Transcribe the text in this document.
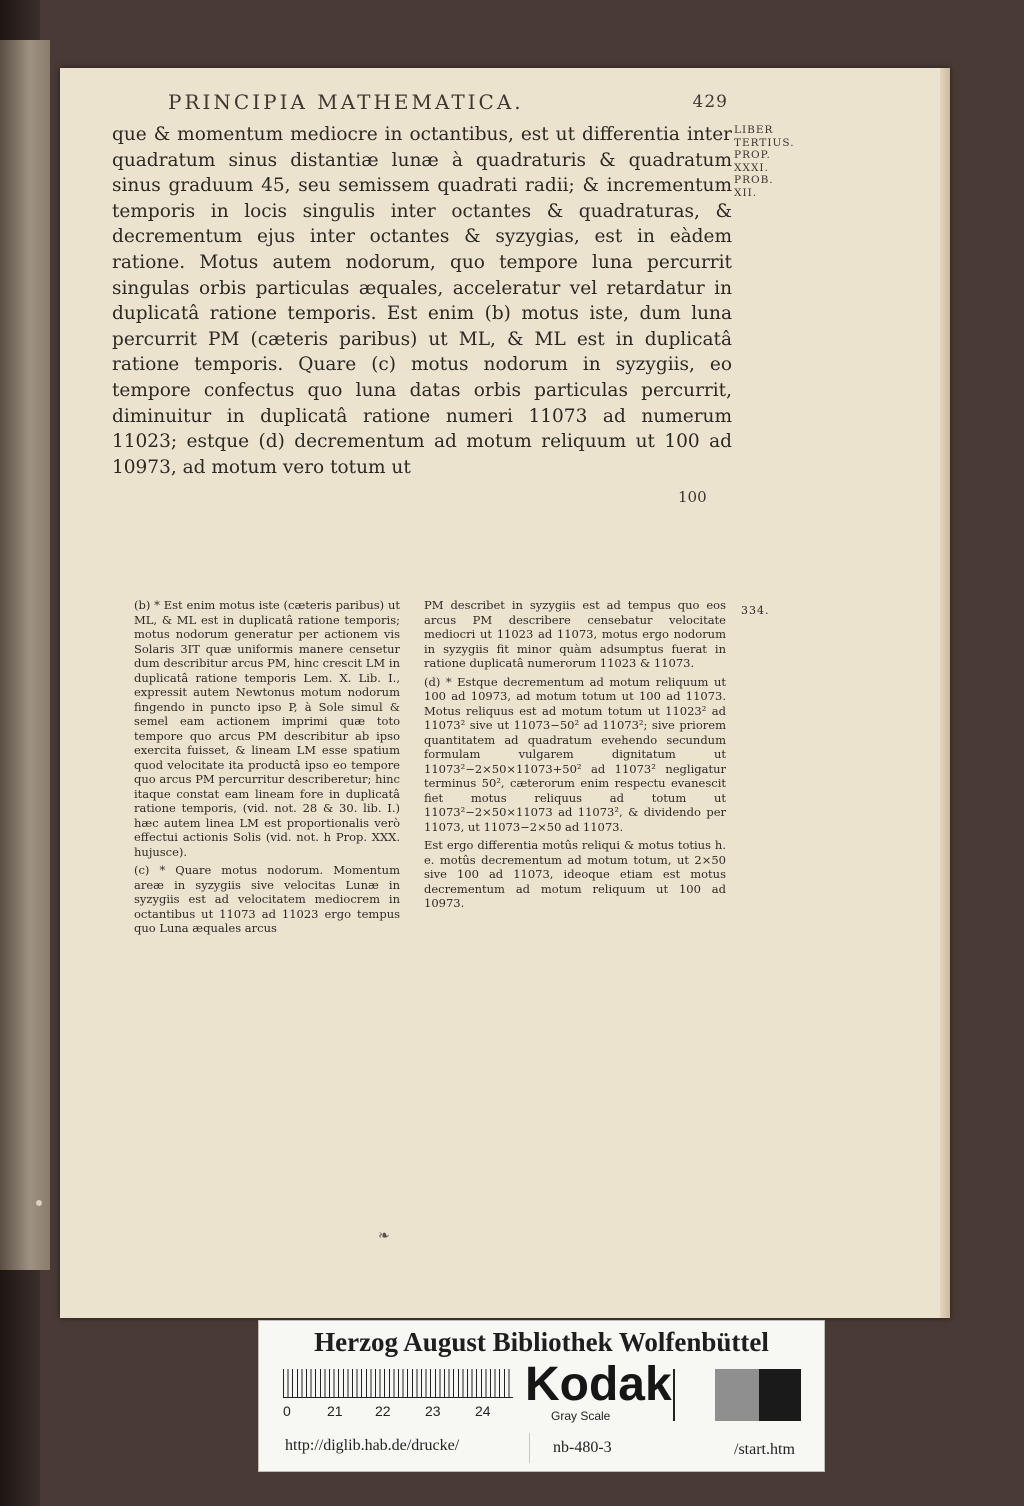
PRINCIPIA MATHEMATICA.	429

que & momentum mediocre in octantibus, est ut differentia inter quadratum sinus distantiæ lunæ à quadraturis & quadratum sinus graduum 45, seu semissem quadrati radii; & incrementum temporis in locis singulis inter octantes & quadraturas, & decrementum ejus inter octantes & syzygias, est in eàdem ratione. Motus autem nodorum, quo tempore luna percurrit singulas orbis particulas æquales, acceleratur vel retardatur in duplicatâ ratione temporis. Est enim (b) motus iste, dum luna percurrit PM (cæteris paribus) ut ML, & ML est in duplicatâ ratione temporis. Quare (c) motus nodorum in syzygiis, eo tempore confectus quo luna datas orbis particulas percurrit, diminuitur in duplicatâ ratione numeri 11073 ad numerum 11023; estque (d) decrementum ad motum reliquum ut 100 ad 10973, ad motum vero totum ut

100
LIBER
TERTIUS.
PROP.
XXXI.
PROB.
XII.

(b) * Est enim motus iste (cæteris paribus) ut ML, & ML est in duplicatâ ratione temporis; motus nodorum generatur per actionem vis Solaris 3IT quæ uniformis manere censetur dum describitur arcus PM, hinc crescit LM in duplicatâ ratione temporis Lem. X. Lib. I., expressit autem Newtonus motum nodorum fingendo in puncto ipso P, à Sole simul & semel eam actionem imprimi quæ toto tempore quo arcus PM describitur ab ipso exercita fuisset, & lineam LM esse spatium quod velocitate ita productâ ipso eo tempore quo arcus PM percurritur describeretur; hinc itaque constat eam lineam fore in duplicatâ ratione temporis, (vid. not. 28 & 30. lib. I.) hæc autem linea LM est proportionalis verò effectui actionis Solis (vid. not. h Prop. XXX. hujusce).

(c) * Quare motus nodorum. Momentum areæ in syzygiis sive velocitas Lunæ in syzygiis est ad velocitatem mediocrem in octantibus ut 11073 ad 11023 ergo tempus quo Luna æquales arcus

PM describet in syzygiis est ad tempus quo eos arcus PM describere censebatur velocitate mediocri ut 11023 ad 11073, motus ergo nodorum in syzygiis fit minor quàm adsumptus fuerat in ratione duplicatâ numerorum 11023 & 11073.

(d) * Estque decrementum ad motum reliquum ut 100 ad 10973, ad motum totum ut 100 ad 11073. Motus reliquus est ad motum totum ut 11023² ad 11073² sive ut 11073−50² ad 11073²; sive priorem quantitatem ad quadratum evehendo secundum formulam vulgarem dignitatum ut 11073²−2×50×11073+50² ad 11073² negligatur terminus 50², cæterorum enim respectu evanescit fiet motus reliquus ad totum ut 11073²−2×50×11073 ad 11073², & dividendo per 11073, ut 11073−2×50 ad 11073.

Est ergo differentia motûs reliqui & motus totius h. e. motûs decrementum ad motum totum, ut 2×50 sive 100 ad 11073, ideoque etiam est motus decrementum ad motum reliquum ut 100 ad 10973.

334.
❧
Herzog August Bibliothek Wolfenbüttel
0	21 22 23 24 Kodak
Gray Scale
http://diglib.hab.de/drucke/	nb-480-3	/start.htm
